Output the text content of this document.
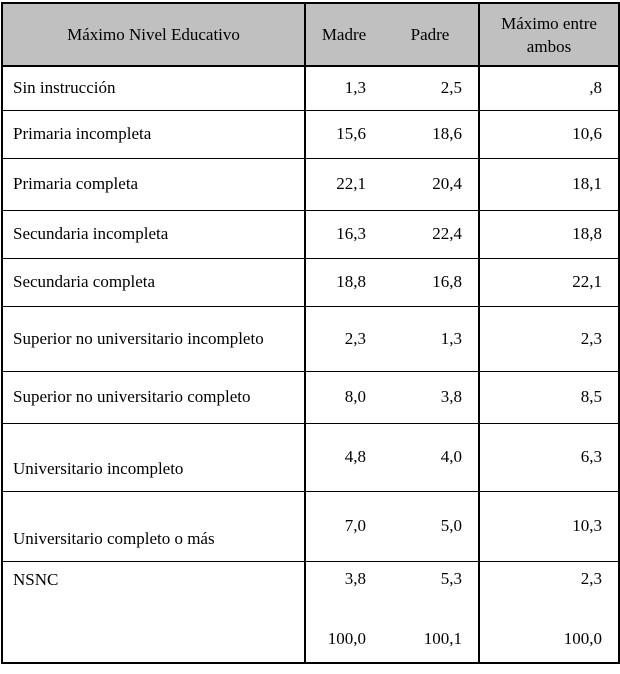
Máximo Nivel Educativo	Madre	Padre	Máximo entre ambos
Sin instrucción	1,3	2,5	,8
Primaria incompleta	15,6	18,6	10,6
Primaria completa	22,1	20,4	18,1
Secundaria incompleta	16,3	22,4	18,8
Secundaria completa	18,8	16,8	22,1
Superior no universitario incompleto	2,3	1,3	2,3
Superior no universitario completo	8,0	3,8	8,5
Universitario incompleto	4,8	4,0	6,3
Universitario completo o más	7,0	5,0	10,3
NSNC	3,8	5,3	2,3
	100,0	100,1	100,0
